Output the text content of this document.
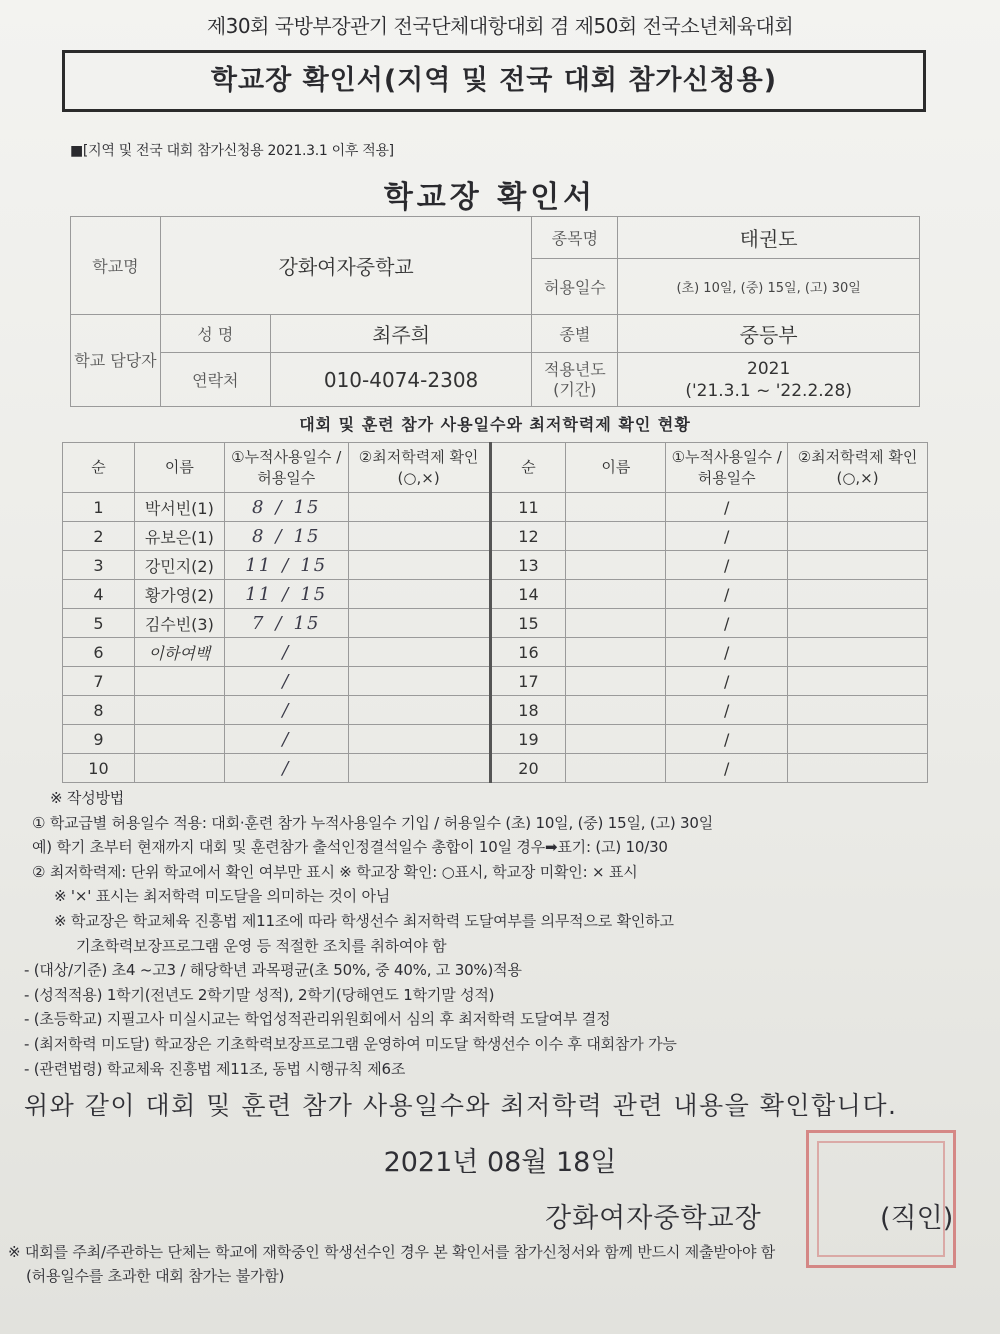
제30회 국방부장관기 전국단체대항대회 겸 제50회 전국소년체육대회
학교장 확인서(지역 및 전국 대회 참가신청용)
■[지역 및 전국 대회 참가신청용 2021.3.1 이후 적용]
학교장 확인서
학교명	강화여자중학교		종목명	태권도
			허용일수	(초) 10일, (중) 15일, (고) 30일
학교 담당자	성 명	최주희	종별	중등부
	연락처	010-4074-2308	적용년도 (기간)	2021
('21.3.1 ~ '22.2.28)
대회 및 훈련 참가 사용일수와 최저학력제 확인 현황
순	이름	①누적사용일수 /허용일수	②최저학력제 확인(○,×)	순	이름	①누적사용일수 /허용일수	②최저학력제 확인(○,×)
1	박서빈(1)	8 / 15		11		/	
2	유보은(1)	8 / 15		12		/	
3	강민지(2)	11 / 15		13		/	
4	황가영(2)	11 / 15		14		/	
5	김수빈(3)	7 / 15		15		/	
6	이하여백	/		16		/	
7		/		17		/	
8		/		18		/	
9		/		19		/	
10		/		20		/	
※ 작성방법
① 학교급별 허용일수 적용: 대회·훈련 참가 누적사용일수 기입 / 허용일수 (초) 10일, (중) 15일, (고) 30일
예) 학기 초부터 현재까지 대회 및 훈련참가 출석인정결석일수 총합이 10일 경우➡표기: (고) 10/30
② 최저학력제: 단위 학교에서 확인 여부만 표시 ※ 학교장 확인: ○표시, 학교장 미확인: × 표시
※ '×' 표시는 최저학력 미도달을 의미하는 것이 아님
※ 학교장은 학교체육 진흥법 제11조에 따라 학생선수 최저학력 도달여부를 의무적으로 확인하고
기초학력보장프로그램 운영 등 적절한 조치를 취하여야 함
- (대상/기준) 초4 ~고3 / 해당학년 과목평균(초 50%, 중 40%, 고 30%)적용
- (성적적용) 1학기(전년도 2학기말 성적), 2학기(당해연도 1학기말 성적)
- (초등학교) 지필고사 미실시교는 학업성적관리위원회에서 심의 후 최저학력 도달여부 결정
- (최저학력 미도달) 학교장은 기초학력보장프로그램 운영하여 미도달 학생선수 이수 후 대회참가 가능
- (관련법령) 학교체육 진흥법 제11조, 동법 시행규칙 제6조
위와 같이 대회 및 훈련 참가 사용일수와 최저학력 관련 내용을 확인합니다.
2021년 08월 18일
강화여자중학교장	(직인)
※ 대회를 주최/주관하는 단체는 학교에 재학중인 학생선수인 경우 본 확인서를 참가신청서와 함께 반드시 제출받아야 함
(허용일수를 초과한 대회 참가는 불가함)
